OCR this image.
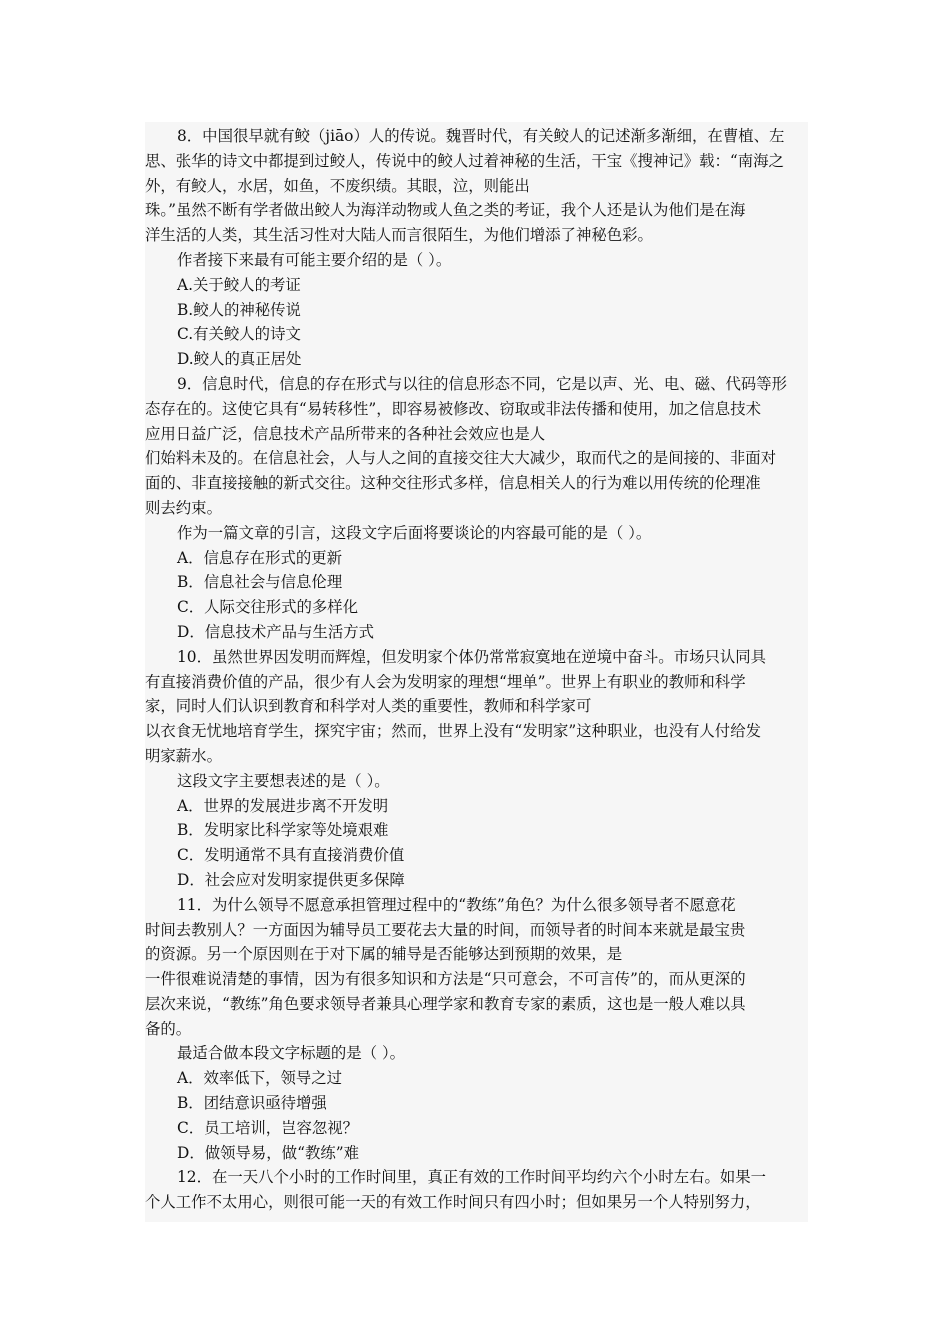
8．中国很早就有鲛（jiāo）人的传说。魏晋时代，有关鲛人的记述渐多渐细，在曹植、左
思、张华的诗文中都提到过鲛人，传说中的鲛人过着神秘的生活，干宝《搜神记》载：“南海之
外，有鲛人，水居，如鱼，不废织绩。其眼，泣，则能出
珠。”虽然不断有学者做出鲛人为海洋动物或人鱼之类的考证，我个人还是认为他们是在海
洋生活的人类，其生活习性对大陆人而言很陌生，为他们增添了神秘色彩。
作者接下来最有可能主要介绍的是（ ）。
A.关于鲛人的考证
B.鲛人的神秘传说
C.有关鲛人的诗文
D.鲛人的真正居处
9．信息时代，信息的存在形式与以往的信息形态不同，它是以声、光、电、磁、代码等形
态存在的。这使它具有“易转移性”，即容易被修改、窃取或非法传播和使用，加之信息技术
应用日益广泛，信息技术产品所带来的各种社会效应也是人
们始料未及的。在信息社会，人与人之间的直接交往大大减少，取而代之的是间接的、非面对
面的、非直接接触的新式交往。这种交往形式多样，信息相关人的行为难以用传统的伦理准
则去约束。
作为一篇文章的引言，这段文字后面将要谈论的内容最可能的是（ ）。
A．信息存在形式的更新
B．信息社会与信息伦理
C．人际交往形式的多样化
D．信息技术产品与生活方式
10．虽然世界因发明而辉煌，但发明家个体仍常常寂寞地在逆境中奋斗。市场只认同具
有直接消费价值的产品，很少有人会为发明家的理想“埋单”。世界上有职业的教师和科学
家，同时人们认识到教育和科学对人类的重要性，教师和科学家可
以衣食无忧地培育学生，探究宇宙；然而，世界上没有“发明家”这种职业，也没有人付给发
明家薪水。
这段文字主要想表述的是（ ）。
A．世界的发展进步离不开发明
B．发明家比科学家等处境艰难
C．发明通常不具有直接消费价值
D．社会应对发明家提供更多保障
11．为什么领导不愿意承担管理过程中的“教练”角色？为什么很多领导者不愿意花
时间去教别人？一方面因为辅导员工要花去大量的时间，而领导者的时间本来就是最宝贵
的资源。另一个原因则在于对下属的辅导是否能够达到预期的效果，是
一件很难说清楚的事情，因为有很多知识和方法是“只可意会，不可言传”的，而从更深的
层次来说，“教练”角色要求领导者兼具心理学家和教育专家的素质，这也是一般人难以具
备的。
最适合做本段文字标题的是（ ）。
A．效率低下，领导之过
B．团结意识亟待增强
C．员工培训，岂容忽视？
D．做领导易，做“教练”难
12．在一天八个小时的工作时间里，真正有效的工作时间平均约六个小时左右。如果一
个人工作不太用心，则很可能一天的有效工作时间只有四小时；但如果另一个人特别努力，
